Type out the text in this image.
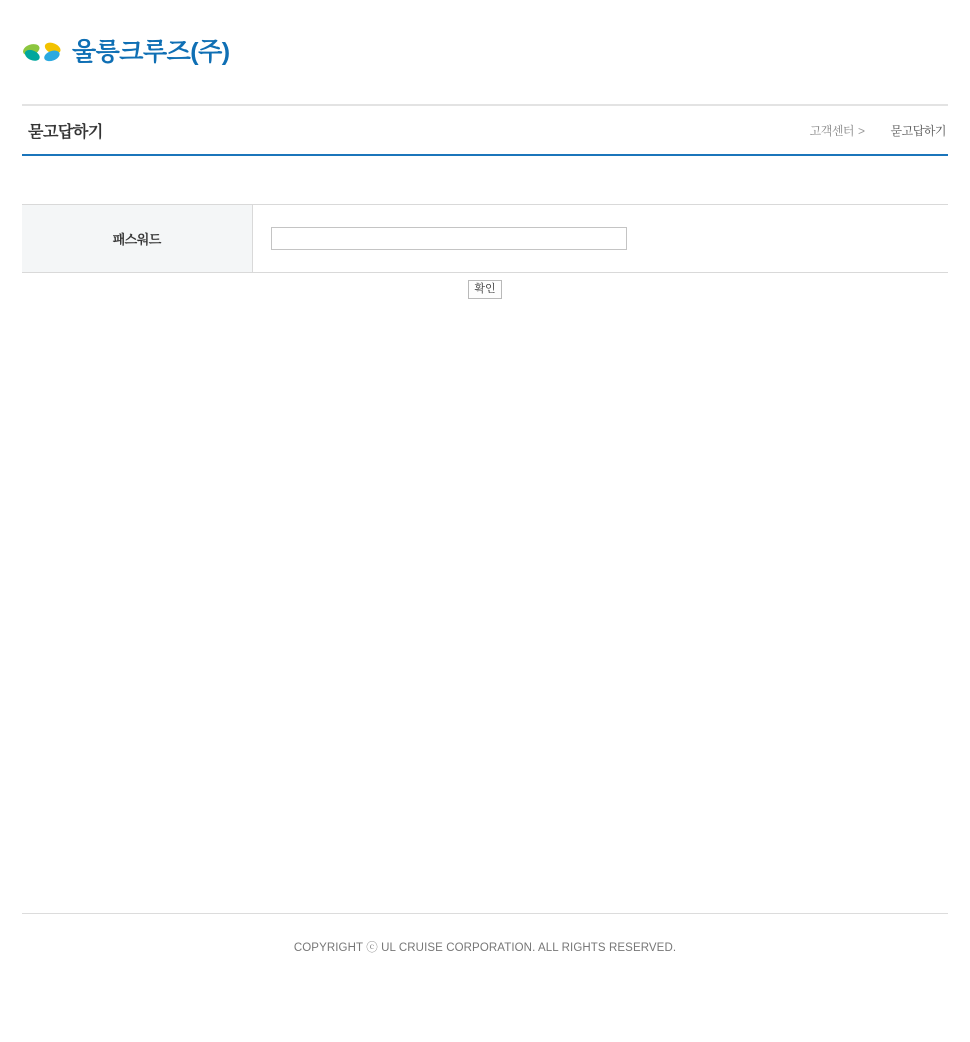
울릉크루즈(주)
묻고답하기	고객센터 > 묻고답하기
패스워드	
확인
COPYRIGHT ⓒ UL CRUISE CORPORATION. ALL RIGHTS RESERVED.
